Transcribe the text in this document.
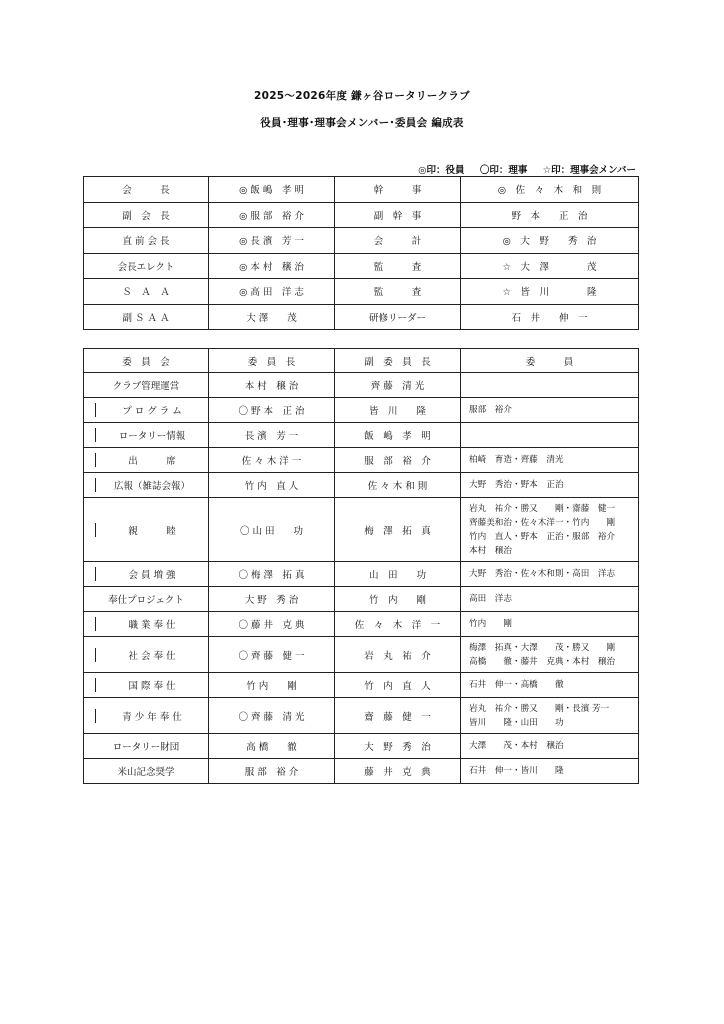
2025～2026年度 鎌ヶ谷ロータリークラブ
役員･理事･理事会メンバー･委員会 編成表
◎印：役員 〇印：理事 ☆印：理事会メンバー
会　　　長	◎ 飯 嶋　孝 明	幹　　　事	◎　佐　々　木　和　則
副　会　長	◎ 服 部　裕 介	副　幹　事	野　本　　正　治
直 前 会 長	◎ 長 濱　芳 一	会　　　計	◎　大　野　　秀　治
会長エレクト	◎ 本 村　穣 治	監　　　査	☆　大　澤　　　　茂
Ｓ　Ａ　Ａ	◎ 高 田　洋 志	監　　　査	☆　皆　川　　　　隆
副 Ｓ Ａ Ａ	大 澤　　茂	研修リーダー	石　井　　伸　一
委　員　会	委　員　長	副　委　員　長	委　　　員
クラブ管理運営	本 村　穣 治	齊 藤　清 光	

プ ロ グ ラ ム	〇 野 本　正 治	皆　川　　隆	服部　裕介

ロータリー情報	長 濱　芳 一	飯　嶋　孝　明	

出　　　席	佐 々 木 洋 一	服　部　裕　介	柏崎　育造・齊藤　清光

広報（雑誌会報）	竹 内　直 人	佐 々 木 和 則	大野　秀治・野本　正治

親　　　睦	〇 山 田　　功	梅　澤　拓　真	岩丸　祐介・勝又　　剛・齋藤　健一
齊藤美和治・佐々木洋一・竹内　　剛
竹内　直人・野本　正治・服部　裕介
本村　穣治

会 員 増 強	〇 梅 澤　拓 真	山　田　　功	大野　秀治・佐々木和則・高田　洋志

奉仕プロジェクト	大 野　秀 治	竹　内　　剛	高田　洋志

職 業 奉 仕	〇 藤 井　克 典	佐　々　木　洋　一	竹内　　剛

社 会 奉 仕	〇 齊 藤　健 一	岩　丸　祐　介	梅澤　拓真・大澤　　茂・勝又　　剛
高橋　　徹・藤井　克典・本村　穣治

国 際 奉 仕	竹 内　　剛	竹　内　直　人	石井　伸一・高橋　　徹

青 少 年 奉 仕	〇 齊 藤　清 光	齋　藤　健　一	岩丸　祐介・勝又　　剛・長濱 芳一
皆川　　隆・山田　　功

ロータリー財団	高 橋　　徹	大　野　秀　治	大澤　　茂・本村　穣治

米山記念奨学	服 部　裕 介	藤　井　克　典	石井　伸一・皆川　　隆
